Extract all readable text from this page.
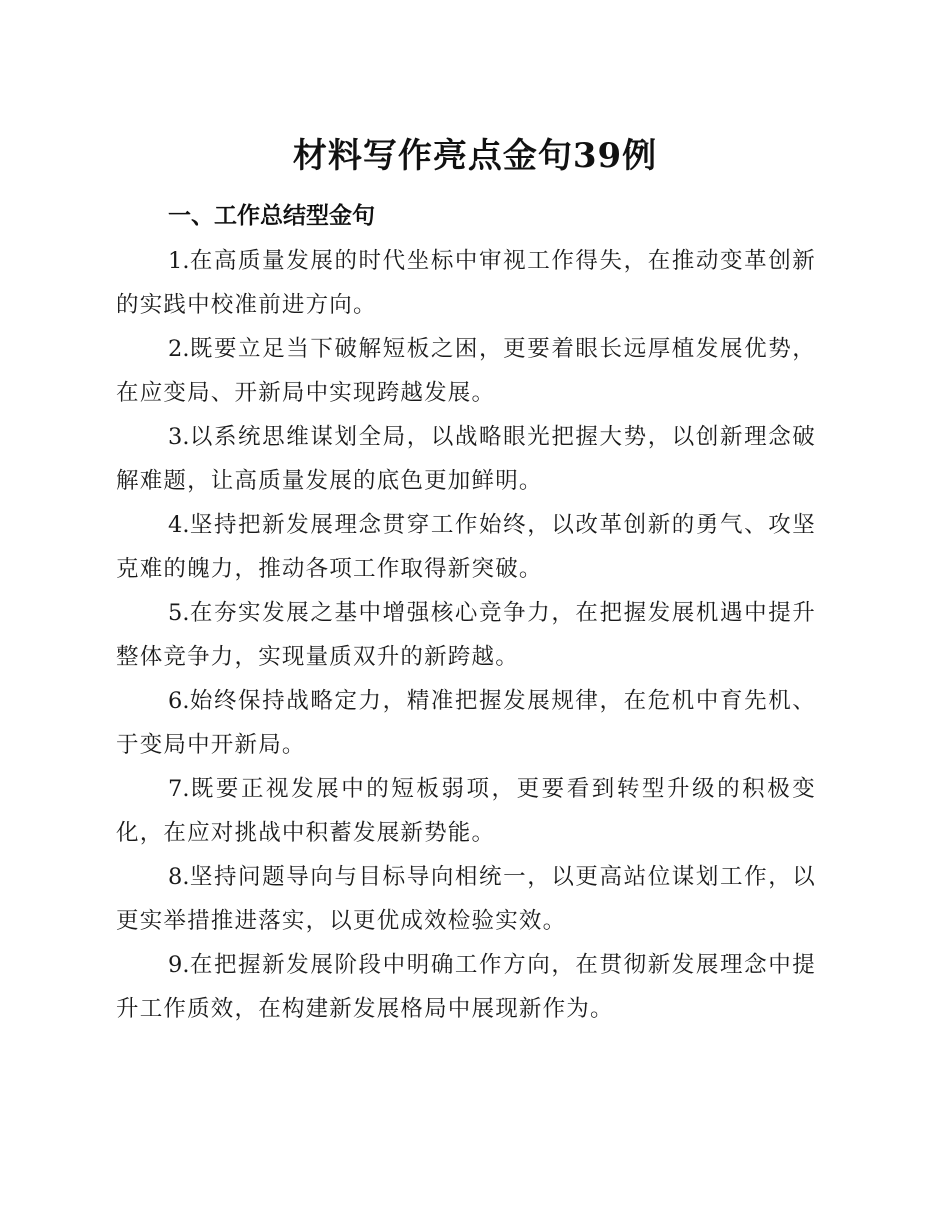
材料写作亮点金句39例
一、工作总结型金句
1.在高质量发展的时代坐标中审视工作得失，在推动变革创新的实践中校准前进方向。
2.既要立足当下破解短板之困，更要着眼长远厚植发展优势，在应变局、开新局中实现跨越发展。
3.以系统思维谋划全局，以战略眼光把握大势，以创新理念破解难题，让高质量发展的底色更加鲜明。
4.坚持把新发展理念贯穿工作始终，以改革创新的勇气、攻坚克难的魄力，推动各项工作取得新突破。
5.在夯实发展之基中增强核心竞争力，在把握发展机遇中提升整体竞争力，实现量质双升的新跨越。
6.始终保持战略定力，精准把握发展规律，在危机中育先机、于变局中开新局。
7.既要正视发展中的短板弱项，更要看到转型升级的积极变化，在应对挑战中积蓄发展新势能。
8.坚持问题导向与目标导向相统一，以更高站位谋划工作，以更实举措推进落实，以更优成效检验实效。
9.在把握新发展阶段中明确工作方向，在贯彻新发展理念中提升工作质效，在构建新发展格局中展现新作为。
